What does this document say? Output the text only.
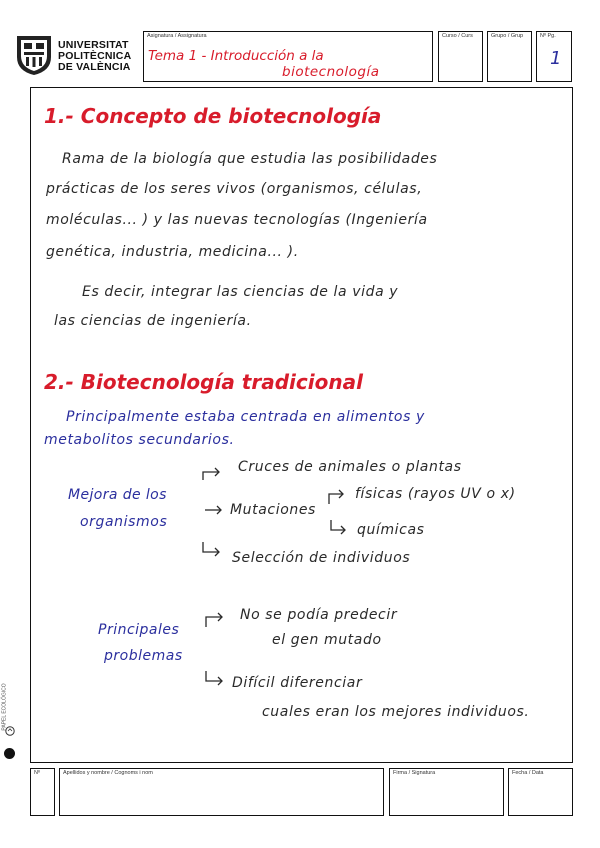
UNIVERSITAT
POLITÈCNICA
DE VALÈNCIA
Asignatura / Assignatura
Tema 1 - Introducción a la
biotecnología
Curso / Curs	Grupo / Grup	Nº Pg.
1
1.- Concepto de biotecnología
Rama de la biología que estudia las posibilidades
prácticas de los seres vivos (organismos, células,
moléculas... ) y las nuevas tecnologías (Ingeniería
genética, industria, medicina... ).
Es decir, integrar las ciencias de la vida y
las ciencias de ingeniería.
2.- Biotecnología tradicional
Principalmente estaba centrada en alimentos y
metabolitos secundarios.
Mejora de los
organismos
Cruces de animales o plantas
Mutaciones
físicas (rayos UV o x)
químicas
Selección de individuos
Principales
problemas
No se podía predecir
el gen mutado
Difícil diferenciar
cuales eran los mejores individuos.
PAPEL ECOLÓGICO
Nº	Apellidos y nombre / Cognoms i nom	Firma / Signatura	Fecha / Data
